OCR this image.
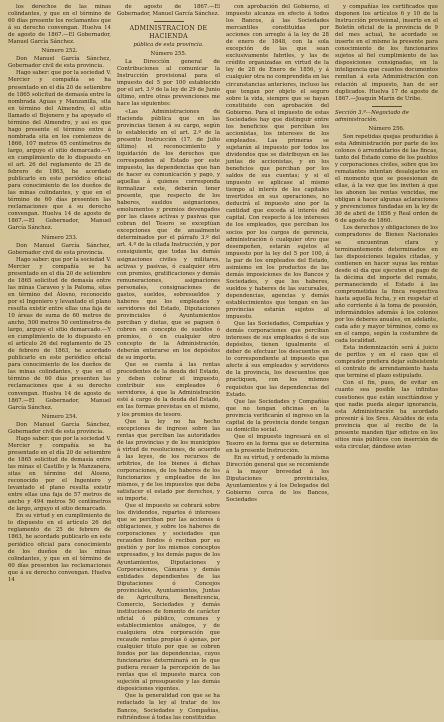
los derechos de las minas colindantes, y que en el término de 60 días presente los reclamantes que á su derecho convengan. Huelva 14 de agosto de 1867.—El Gobernador, Manuel García Sánchez.

Número 252.

Don Manuel García Sánchez, Gobernador civil de esta provincia.

Hago saber: que por la sociedad V. Mercier y compañía se ha presentado en el día 20 de setiembre de 1865 solicitud de demasía entre la nombrada Aguas y Manzanilla, sita en término del Almendro, el sitio llamado el Bojonero y ha apoyado el término del Almendro, y así es que hago presente el término entre á nombrada sita en los comienzos de 1866, 107 metros 65 centímetros de largo, arguyo el sitio demarcado.—Y en cumplimiento de lo dispuesto en el art. 26 del reglamento de 25 de febrero de 1863, he acordado publicarlo en este periódico oficial para conocimiento de los dueños de las minas colindantes, y que en el término de 60 días presenten las reclamaciones que á su derecho convengan. Huelva 14 de agosto de 1867.—El Gobernador, Manuel García Sánchez.

Número 253.

Don Manuel García Sánchez, Gobernador civil de esta provincia.

Hago saber: que por la sociedad V. Mercier y compañía se ha presentado en el día 20 de setiembre de 1865 solicitud de demasía entre las minas Caraveo y la Paloma, sitas en término del Álosno, reconocido por el Ingeniero y levantado el plano resulta existir entre ellas una faja de 10 áreas de suma de 60 metros de ancho, 500 metros 50 centímetros de largo, arguyo el sitio demarcado.—Y en cumplimiento de lo dispuesto en el artículo 26 del reglamento de 25 de febrero de 1863, he acordado publicarlo en este periódico oficial para conocimiento de los dueños de las minas colindantes, y que en el término de 60 días presenten las reclamaciones que á su derecho convengan. Huelva 14 de agosto de 1867.—El Gobernador, Manuel García Sánchez.

Número 254.

Don Manuel García Sánchez, Gobernador civil de esta provincia.

Hago saber: que por la sociedad V. Mercier y compañía se ha presentado en el día 20 de setiembre de 1865 solicitud de demasía entre las minas el Castillo y la Manzanera, sitas en término del Álosno, reconocido por el Ingeniero y levantado el plano resulta existir entre ellas una faja de 57 metros de ancho y 494 metros 50 centímetros de largo, arguyo el sitio demarcado.

En su virtud y en cumplimiento de lo dispuesto en el artículo 26 del reglamento de 25 de febrero de 1863, he acordado publicarlo en este periódico oficial para conocimiento de los dueños de las minas colindantes, y que en el término de 60 días presenten las reclamaciones que á su derecho convengan. Huelva 14

de agosto de 1867.—El Gobernador, Manuel García Sánchez.

ADMINISTRACION DE HACIENDA

pública de esta provincia.

Número 255.

La Dirección general de Contribuciones al comunicar la Instrucción provisional para el impuesto del 5 por 100 establecido por el art. 3.º de la ley de 29 de Junio último, entre otras prevenciones me hace las siguientes:

«Las Administraciones de Hacienda pública que en las provincias tienen á su cargo, según lo establecido en el art. 2.º de la presente Instrucción (17. de Julio último) el reconocimiento y liquidación de los derechos que corresponden al Estado por este impuesto, las dependencias que han de hacer su comunicación y pago, y aquellas á quienes corresponda formalizar este, deberán tener presente, que respecto de los haberes, sueldos asignaciones, emolumentos y premios devengados por las clases activas y pasivas que cobran del Tesoro se exceptúan excepciones que de anualmente determinados por el párrafo 3.º del art. 4.º de la citada Instrucción, y por consiguiente, que todas las demás asignaciones civiles y militares, activas y pasivas, ó cualquier otro con premios, gratificaciones y demás remuneraciones, asignaciones personales, consignaciones de gastos, sueldos, sobresueldos y haberes que los empleados y servidores del Estado, Diputaciones provinciales ó Ayuntamientos perciban y dietas, que se paguen ó cobren en concepto de sueldos ó premios, ó en cualquier otro concepto de la Administración, deberán enterarse en los depósitos de su importe.

Que se cuenta á las rentas procedentes de la deuda del Estado, y deben cobrar el impuesto, contribuir sus empleados ó servidores, á que la Administración esté á cargo de la deuda del Estado, en las formas previstas en el mismo, y los premios de tesoro.

Que la ley no ha hecho excepciones de ingreso sobre las rentas que perciban las autoridades de las provincias y de los municipios á virtud de resoluciones, de acuerdo á las leyes, de los recursos de arbitrios, de los bienes á dichas corporaciones, de los haberes de los funcionarios y empleados de los mismos, y de los impuestos que deba satisfacer el estado por derechos, y su importe.

Que el impuesto se cobrará sobre los dividendos, repartos ó intereses que se perciban por las acciones ú obligaciones, y sobre los haberes de corporaciones y sociedades que recauden fondos ó reciban por su gestión y por los mismos conceptos expresados, y los demás pagos de los Ayuntamientos, Diputaciones y Corporaciones, Cámaras y demás entidades dependientes de las Diputaciones ó Concejos provinciales, Ayuntamientos, Juntas de Agricultura, Beneficencia, Comercio, Sociedades y demás instituciones de fomento de carácter oficial ó público, comunes y establecimientos análogos, y de cualquiera otra corporación que recaude rentas propias ó ajenas, por cualquier título por que se cobren fondos por las dependencias, cuyos funcionarios determinará en lo que pudiera recaer la percepción de las rentas que el impuesto marca con sujeción al presupuesto y las demás disposiciones vigentes.

Que la generalidad con que se ha redactado la ley al tratar de los Bancos, Sociedades y Compañías, refiriéndose á todas las constituidas

con aprobación del Gobierno, el impuesto alcanza en efecto á todos los Bancos, á las Sociedades mercantiles constituidas por acciones con arreglo á la ley de 28 de enero de 1848, con la sola excepción de las que sean exclusivamente fabriles, y las de crédito organizadas en virtud de la ley de 28 de Enero de 1856, y á cualquier otra no comprendida en las circunstancias anteriores, incluso las que tengan por objeto el seguro sobre la vida, siempre que se hayan constituido con aprobación del Gobierno. Para el impuesto de estas Sociedades hay que distinguir entre los beneficios que perciban los accionistas, los intereses de los empleados. Las primeras se sujetarán al impuesto por todos los dividendos que se distribuyan en las juntas de accionistas, y en los beneficios que perciban por los saldos de sus cuentas; y si el impuesto se aplicase al mismo tiempo al interés de los capitales invertidos en sus operaciones, no deducirá el impuesto sino por la cantidad que exceda al interés del capital. Con respecto á los intereses de los empleados, que perciban los socios por los cargos de gerencia, administración ó cualquier otro que desempeñen, estarán sujetos al impuesto por la ley del 5 por 100, á la par de los empleados del Estado, asimismo en los productos de las demás imposiciones de los Bancos y Sociedades, y que los haberes, sueldos y haberes de las sucursales, dependencias, agencias y demás establecimientos que tengan en las provincias estarán sujetos al impuesto.

Que las Sociedades, Compañías y demás corporaciones que perciban intereses de sus empleados ó de sus depósitos, tienen igualmente el deber de efectuar los descuentos en lo correspondiente al impuesto que afecte á sus empleados y servidores de la provincia, los descuentos que practiquen, con los mismos requisitos que las dependencias del Estado.

Que las Sociedades y Compañías que no tengan oficinas en la provincia verificarán el ingreso en la capital de la provincia donde tengan su domicilio social.

Que el impuesto ingresará en el Tesoro en la forma que se determina en la presente Instrucción.

En su virtud, y ordenado la misma Dirección general que se recomiende á la mayor brevedad á los Diputaciones provinciales, Ayuntamientos y á los Delegados del Gobierno cerca de los Bancos, Sociedades

y compañías los certificados que disponen los artículos 6 y 10 de la Instrucción provisional, inserto en el Boletín oficial de la provincia de 9 del mes actual, he acordado se inserte en el mismo la presente para conocimiento de los funcionarios sujetos al fiel cumplimiento de las disposiciones consignadas, en la inteligencia que cuantos documentos remitan á esta Administración con relación al impuesto, han de ser duplicados. Huelva 17 de agosto de 1867.—Joaquín Marín de Uribe.

Sección 3.ª—Negociado de administración.

Número 256.

Son repetidas quejas producidas á esta Administración por parte de los colonos ó arrendatarios de las fincas, tanto del Estado como de los pueblos y corporaciones civiles, sobre que los rematantes intentan desalojarlos en el momento que se posesionan de ellas, á la vez que les inviten á que les abonen las rentas vencidas, me obligan á hacer algunas aclaraciones y prevenciones fundadas en la ley de 30 de abril de 1856 y Real orden de 6 de agosto de 1860.

Los derechos y obligaciones de los compradores de Bienes Nacionales se encuentran clara y terminantemente determinados en las disposiciones legales citadas, y contienen en hacer suyas las rentas desde el día que ejecuten el pago de la décima del importe del remate, permaneciendo el Estado á las comprometidas la finca respectiva hasta aquella fecha, y en respetar el año corriente á la toma de posesión, informándolos además á los colonos por los deberes anuales, en adelante, cada año y mayor términos, como es en el campo, según la costumbre de cada localidad.

Esta indemnización será á juicio de peritos y en el caso que el comprador prefiera dejar subsistente el contrato de arrendamiento hasta que termine el plazo estipulado.

Con el fin, pues, de evitar en cuanto sea posible las infinitas cuestiones que están suscitándose y que nadie pueda alegar ignorancia, esta Administración ha acordado prevenir á los Sres. Alcaldes de esta provincia que al recibo de la presente manden fijar edictos en los sitios más públicos con inserción de esta circular, dándose aviso
